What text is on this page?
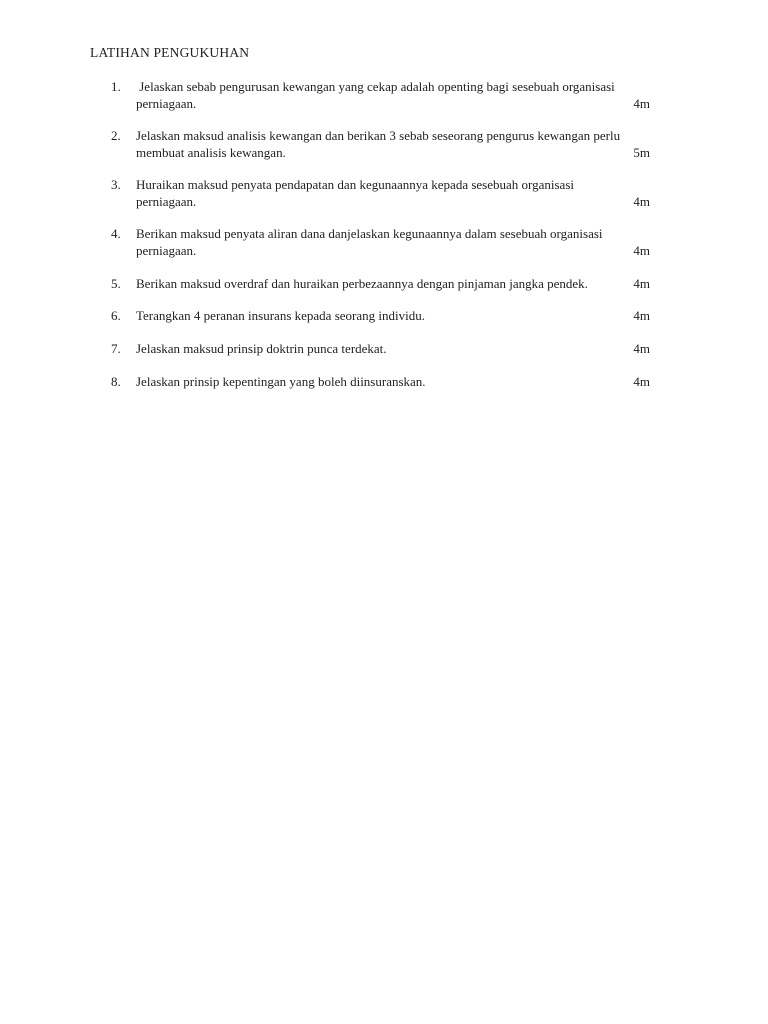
LATIHAN PENGUKUHAN
1.	Jelaskan sebab pengurusan kewangan yang cekap adalah openting bagi sesebuah organisasi
perniagaan.	4m
2.	Jelaskan maksud analisis kewangan dan berikan 3 sebab seseorang pengurus kewangan perlu
membuat analisis kewangan.	5m
3.	Huraikan maksud penyata pendapatan dan kegunaannya kepada sesebuah organisasi
perniagaan.	4m
4.	Berikan maksud penyata aliran dana danjelaskan kegunaannya dalam sesebuah organisasi
perniagaan.	4m
5.	Berikan maksud overdraf dan huraikan perbezaannya dengan pinjaman jangka pendek.	4m
6.	Terangkan 4 peranan insurans kepada seorang individu.	4m
7.	Jelaskan maksud prinsip doktrin punca terdekat.	4m
8.	Jelaskan prinsip kepentingan yang boleh diinsuranskan.	4m
